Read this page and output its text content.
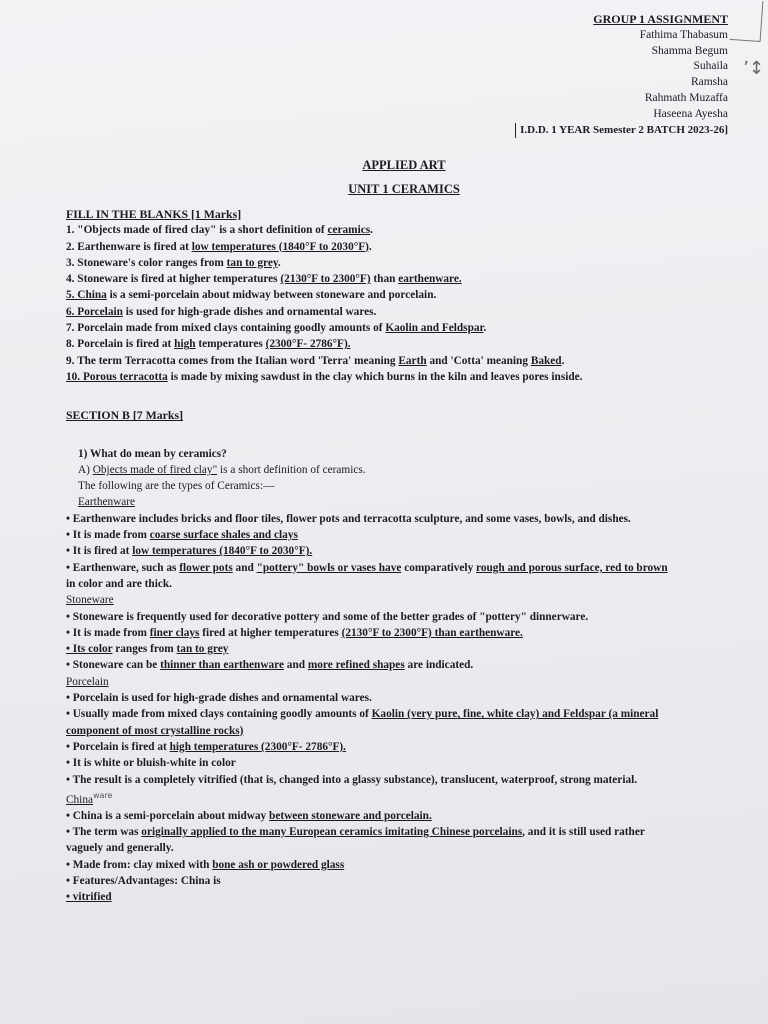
ʼ↕
GROUP 1 ASSIGNMENT
Fathima Thabasum
Shamma Begum
Suhaila
Ramsha
Rahmath Muzaffa
Haseena Ayesha
I.D.D. 1 YEAR Semester 2 BATCH 2023-26]
APPLIED ART
UNIT 1 CERAMICS
FILL IN THE BLANKS [1 Marks]
1. "Objects made of fired clay" is a short definition of ceramics.
2. Earthenware is fired at low temperatures (1840°F to 2030°F).
3. Stoneware's color ranges from tan to grey.
4. Stoneware is fired at higher temperatures (2130°F to 2300°F) than earthenware.
5. China is a semi-porcelain about midway between stoneware and porcelain.
6. Porcelain is used for high-grade dishes and ornamental wares.
7. Porcelain made from mixed clays containing goodly amounts of Kaolin and Feldspar.
8. Porcelain is fired at high temperatures (2300°F- 2786°F).
9. The term Terracotta comes from the Italian word 'Terra' meaning Earth and 'Cotta' meaning Baked.
10. Porous terracotta is made by mixing sawdust in the clay which burns in the kiln and leaves pores inside.
SECTION B [7 Marks]
1) What do mean by ceramics?
A) Objects made of fired clay" is a short definition of ceramics.
The following are the types of Ceramics:—
Earthenware
• Earthenware includes bricks and floor tiles, flower pots and terracotta sculpture, and some vases, bowls, and dishes.
• It is made from coarse surface shales and clays
• It is fired at low temperatures (1840°F to 2030°F).
• Earthenware, such as flower pots and "pottery" bowls or vases have comparatively rough and porous surface, red to brown
in color and are thick.
Stoneware
• Stoneware is frequently used for decorative pottery and some of the better grades of "pottery" dinnerware.
• It is made from finer clays fired at higher temperatures (2130°F to 2300°F) than earthenware.
• Its color ranges from tan to grey
• Stoneware can be thinner than earthenware and more refined shapes are indicated.
Porcelain
• Porcelain is used for high-grade dishes and ornamental wares.
• Usually made from mixed clays containing goodly amounts of Kaolin (very pure, fine, white clay) and Feldspar (a mineral
component of most crystalline rocks)
• Porcelain is fired at high temperatures (2300°F- 2786°F).
• It is white or bluish-white in color
• The result is a completely vitrified (that is, changed into a glassy substance), translucent, waterproof, strong material.
China$^{ware}$
• China is a semi-porcelain about midway between stoneware and porcelain.
• The term was originally applied to the many European ceramics imitating Chinese porcelains, and it is still used rather
vaguely and generally.
• Made from: clay mixed with bone ash or powdered glass
• Features/Advantages: China is
• vitrified
